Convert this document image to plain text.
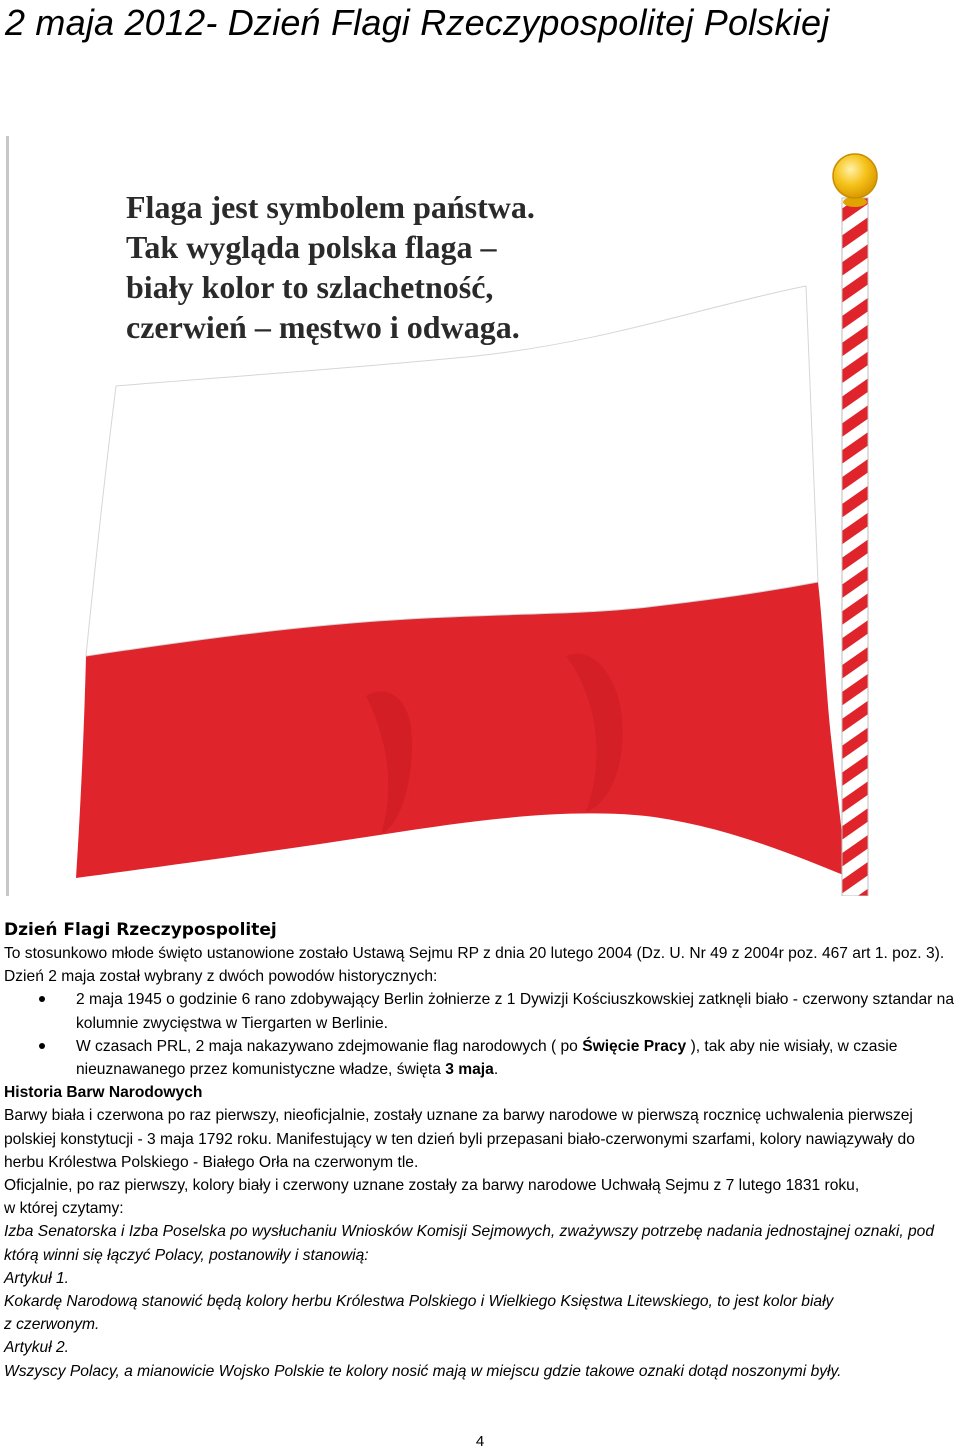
2 maja 2012- Dzień Flagi Rzeczypospolitej Polskiej
Flaga jest symbolem państwa.
Tak wygląda polska flaga –
biały kolor to szlachetność,
czerwień – męstwo i odwaga.

Dzień Flagi Rzeczypospolitej

To stosunkowo młode święto ustanowione zostało Ustawą Sejmu RP z dnia 20 lutego 2004 (Dz. U. Nr 49 z 2004r poz. 467 art 1. poz. 3). Dzień 2 maja został wybrany z dwóch powodów historycznych:

2 maja 1945 o godzinie 6 rano zdobywający Berlin żołnierze z 1 Dywizji Kościuszkowskiej zatknęli biało - czerwony sztandar na kolumnie zwycięstwa w Tiergarten w Berlinie.
W czasach PRL, 2 maja nakazywano zdejmowanie flag narodowych ( po Święcie Pracy ), tak aby nie wisiały, w czasie nieuznawanego przez komunistyczne władze, święta 3 maja.

Historia Barw Narodowych

Barwy biała i czerwona po raz pierwszy, nieoficjalnie, zostały uznane za barwy narodowe w pierwszą rocznicę uchwalenia pierwszej polskiej konstytucji - 3 maja 1792 roku. Manifestujący w ten dzień byli przepasani biało-czerwonymi szarfami, kolory nawiązywały do herbu Królestwa Polskiego - Białego Orła na czerwonym tle.

Oficjalnie, po raz pierwszy, kolory biały i czerwony uznane zostały za barwy narodowe Uchwałą Sejmu z 7 lutego 1831 roku,

w której czytamy:

Izba Senatorska i Izba Poselska po wysłuchaniu Wniosków Komisji Sejmowych, zważywszy potrzebę nadania jednostajnej oznaki, pod którą winni się łączyć Polacy, postanowiły i stanowią:

Artykuł 1.

Kokardę Narodową stanowić będą kolory herbu Królestwa Polskiego i Wielkiego Księstwa Litewskiego, to jest kolor biały

z czerwonym.

Artykuł 2.

Wszyscy Polacy, a mianowicie Wojsko Polskie te kolory nosić mają w miejscu gdzie takowe oznaki dotąd noszonymi były.

4
